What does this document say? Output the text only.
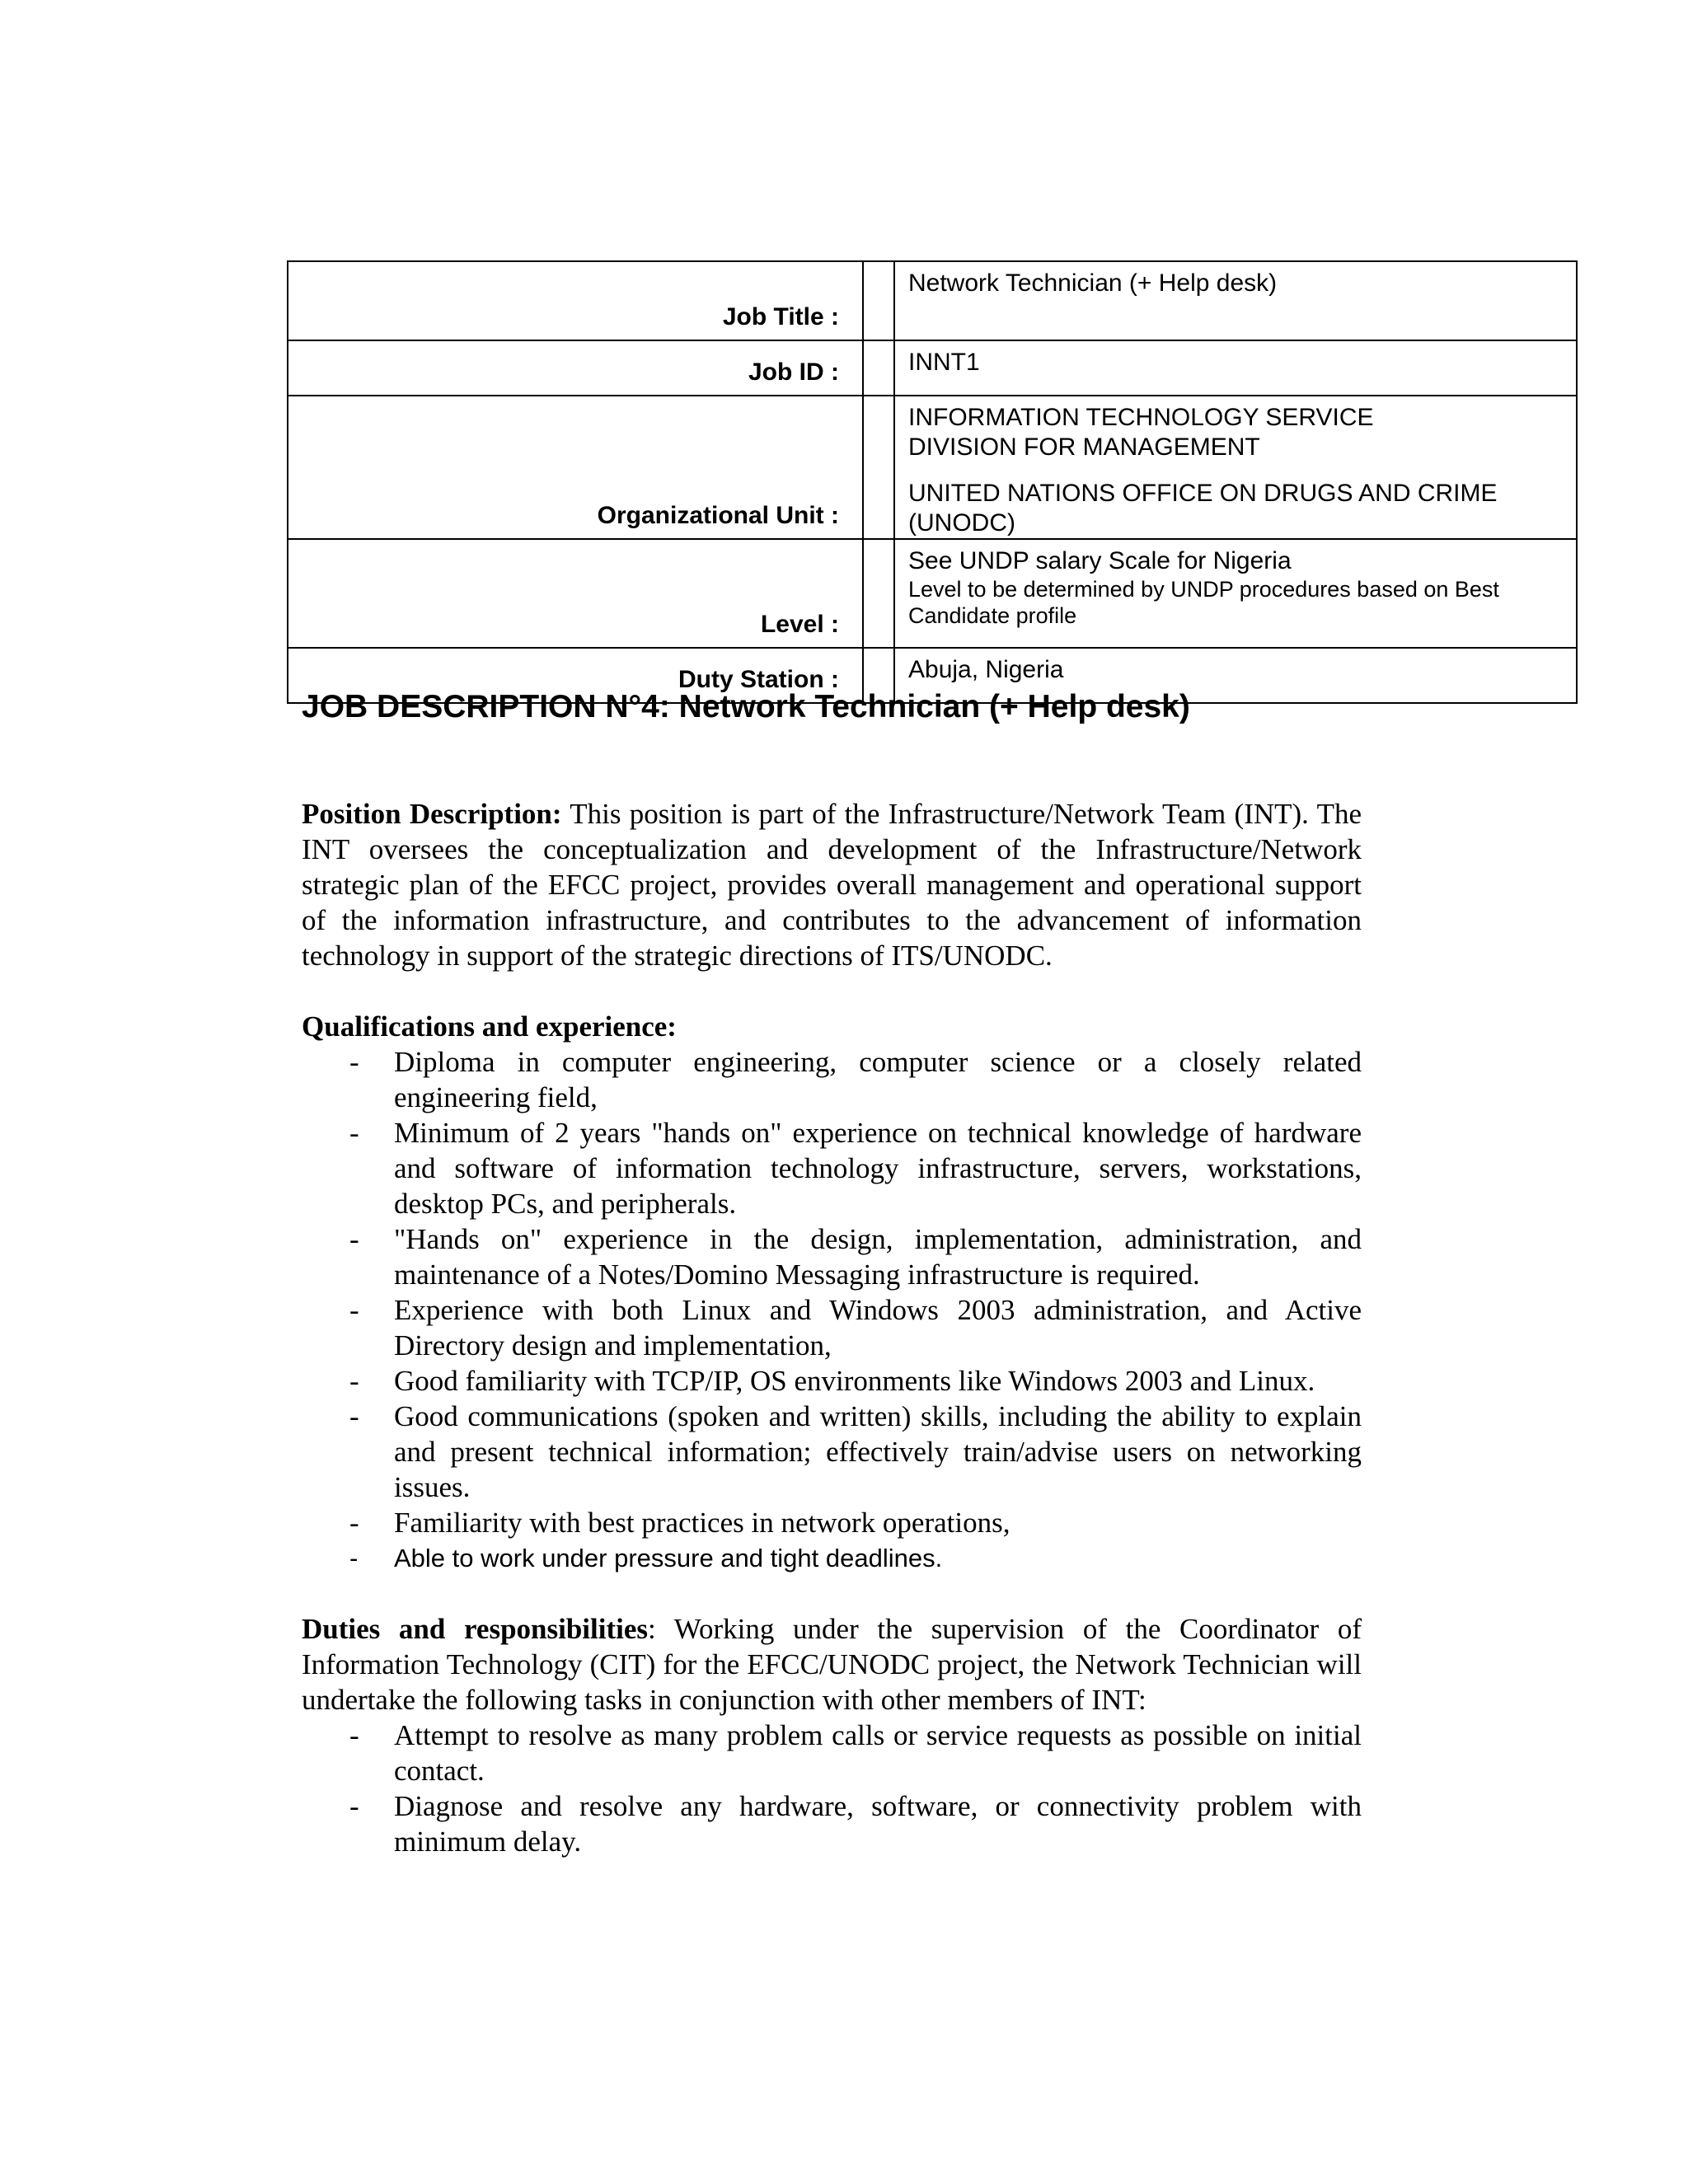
Job Title :		Network Technician (+ Help desk)
Job ID :		INNT1
Organizational Unit :		INFORMATION TECHNOLOGY SERVICE
DIVISION FOR MANAGEMENT
UNITED NATIONS OFFICE ON DRUGS AND CRIME (UNODC)

Level :		See UNDP salary Scale for Nigeria
Level to be determined by UNDP procedures based on Best Candidate profile

Duty Station :		Abuja, Nigeria
JOB DESCRIPTION N°4: Network Technician (+ Help desk)

Position Description: This position is part of the Infrastructure/Network Team (INT). The INT oversees the conceptualization and development of the Infrastructure/Network strategic plan of the EFCC project, provides overall management and operational support of the information infrastructure, and contributes to the advancement of information technology in support of the strategic directions of ITS/UNODC.

Qualifications and experience:

- Diploma in computer engineering, computer science or a closely related engineering field,
- Minimum of 2 years "hands on" experience on technical knowledge of hardware and software of information technology infrastructure, servers, workstations, desktop PCs, and peripherals.
- "Hands on" experience in the design, implementation, administration, and maintenance of a Notes/Domino Messaging infrastructure is required.
- Experience with both Linux and Windows 2003 administration, and Active Directory design and implementation,
- Good familiarity with TCP/IP, OS environments like Windows 2003 and Linux.
- Good communications (spoken and written) skills, including the ability to explain and present technical information; effectively train/advise users on networking issues.
- Familiarity with best practices in network operations,
- Able to work under pressure and tight deadlines.

Duties and responsibilities: Working under the supervision of the Coordinator of Information Technology (CIT) for the EFCC/UNODC project, the Network Technician will undertake the following tasks in conjunction with other members of INT:

- Attempt to resolve as many problem calls or service requests as possible on initial contact.
- Diagnose and resolve any hardware, software, or connectivity problem with minimum delay.
